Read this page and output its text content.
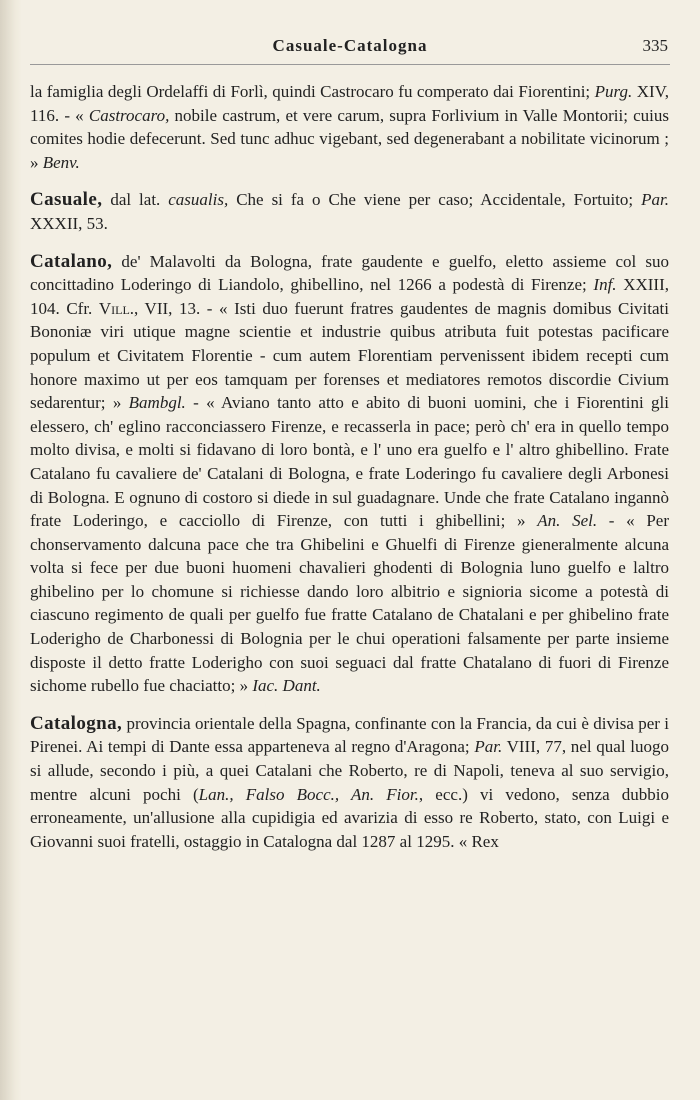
Casuale-Catalogna	335

la famiglia degli Ordelaffi di Forlì, quindi Castrocaro fu comperato dai Fiorentini; Purg. XIV, 116. - « Castrocaro, nobile castrum, et vere carum, supra Forlivium in Valle Montorii; cuius comites hodie defecerunt. Sed tunc adhuc vigebant, sed degenerabant a nobilitate vicinorum ; » Benv.

Casuale, dal lat. casualis, Che si fa o Che viene per caso; Accidentale, Fortuito; Par. XXXII, 53.

Catalano, de' Malavolti da Bologna, frate gaudente e guelfo, eletto assieme col suo concittadino Loderingo di Liandolo, ghibellino, nel 1266 a podestà di Firenze; Inf. XXIII, 104. Cfr. Vill., VII, 13. - « Isti duo fuerunt fratres gaudentes de magnis domibus Civitati Bononiæ viri utique magne scientie et industrie quibus atributa fuit potestas pacificare populum et Civitatem Florentie - cum autem Florentiam pervenissent ibidem recepti cum honore maximo ut per eos tamquam per forenses et mediatores remotos discordie Civium sedarentur; » Bambgl. - « Aviano tanto atto e abito di buoni uomini, che i Fiorentini gli elessero, ch' eglino racconciassero Firenze, e recasserla in pace; però ch' era in quello tempo molto divisa, e molti si fidavano di loro bontà, e l' uno era guelfo e l' altro ghibellino. Frate Catalano fu cavaliere de' Catalani di Bologna, e frate Loderingo fu cavaliere degli Arbonesi di Bologna. E ognuno di costoro si diede in sul guadagnare. Unde che frate Catalano ingannò frate Loderingo, e cacciollo di Firenze, con tutti i ghibellini; » An. Sel. - « Per chonservamento dalcuna pace che tra Ghibelini e Ghuelfi di Firenze gieneralmente alcuna volta si fece per due buoni huomeni chavalieri ghodenti di Bolognia luno guelfo e laltro ghibelino per lo chomune si richiesse dando loro albitrio e signioria sicome a potestà di ciascuno regimento de quali per guelfo fue fratte Catalano de Chatalani e per ghibelino frate Loderigho de Charbonessi di Bolognia per le chui operationi falsamente per parte insieme disposte il detto fratte Loderigho con suoi seguaci dal fratte Chatalano di fuori di Firenze sichome rubello fue chaciatto; » Iac. Dant.

Catalogna, provincia orientale della Spagna, confinante con la Francia, da cui è divisa per i Pirenei. Ai tempi di Dante essa apparteneva al regno d'Aragona; Par. VIII, 77, nel qual luogo si allude, secondo i più, a quei Catalani che Roberto, re di Napoli, teneva al suo servigio, mentre alcuni pochi (Lan., Falso Bocc., An. Fior., ecc.) vi vedono, senza dubbio erroneamente, un'allusione alla cupidigia ed avarizia di esso re Roberto, stato, con Luigi e Giovanni suoi fratelli, ostaggio in Catalogna dal 1287 al 1295. « Rex
